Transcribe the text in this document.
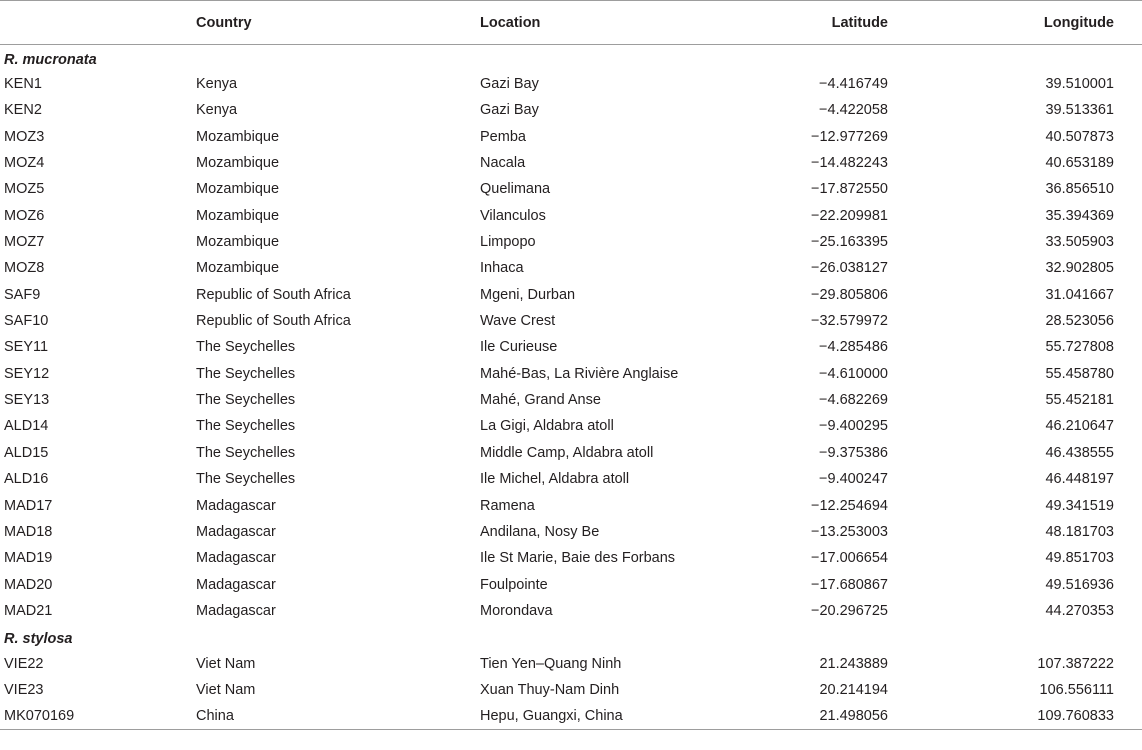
	Country	Location	Latitude	Longitude
R. mucronata				
KEN1	Kenya	Gazi Bay	−4.416749	39.510001
KEN2	Kenya	Gazi Bay	−4.422058	39.513361
MOZ3	Mozambique	Pemba	−12.977269	40.507873
MOZ4	Mozambique	Nacala	−14.482243	40.653189
MOZ5	Mozambique	Quelimana	−17.872550	36.856510
MOZ6	Mozambique	Vilanculos	−22.209981	35.394369
MOZ7	Mozambique	Limpopo	−25.163395	33.505903
MOZ8	Mozambique	Inhaca	−26.038127	32.902805
SAF9	Republic of South Africa	Mgeni, Durban	−29.805806	31.041667
SAF10	Republic of South Africa	Wave Crest	−32.579972	28.523056
SEY11	The Seychelles	Ile Curieuse	−4.285486	55.727808
SEY12	The Seychelles	Mahé-Bas, La Rivière Anglaise	−4.610000	55.458780
SEY13	The Seychelles	Mahé, Grand Anse	−4.682269	55.452181
ALD14	The Seychelles	La Gigi, Aldabra atoll	−9.400295	46.210647
ALD15	The Seychelles	Middle Camp, Aldabra atoll	−9.375386	46.438555
ALD16	The Seychelles	Ile Michel, Aldabra atoll	−9.400247	46.448197
MAD17	Madagascar	Ramena	−12.254694	49.341519
MAD18	Madagascar	Andilana, Nosy Be	−13.253003	48.181703
MAD19	Madagascar	Ile St Marie, Baie des Forbans	−17.006654	49.851703
MAD20	Madagascar	Foulpointe	−17.680867	49.516936
MAD21	Madagascar	Morondava	−20.296725	44.270353
R. stylosa				
VIE22	Viet Nam	Tien Yen–Quang Ninh	21.243889	107.387222
VIE23	Viet Nam	Xuan Thuy-Nam Dinh	20.214194	106.556111
MK070169	China	Hepu, Guangxi, China	21.498056	109.760833
